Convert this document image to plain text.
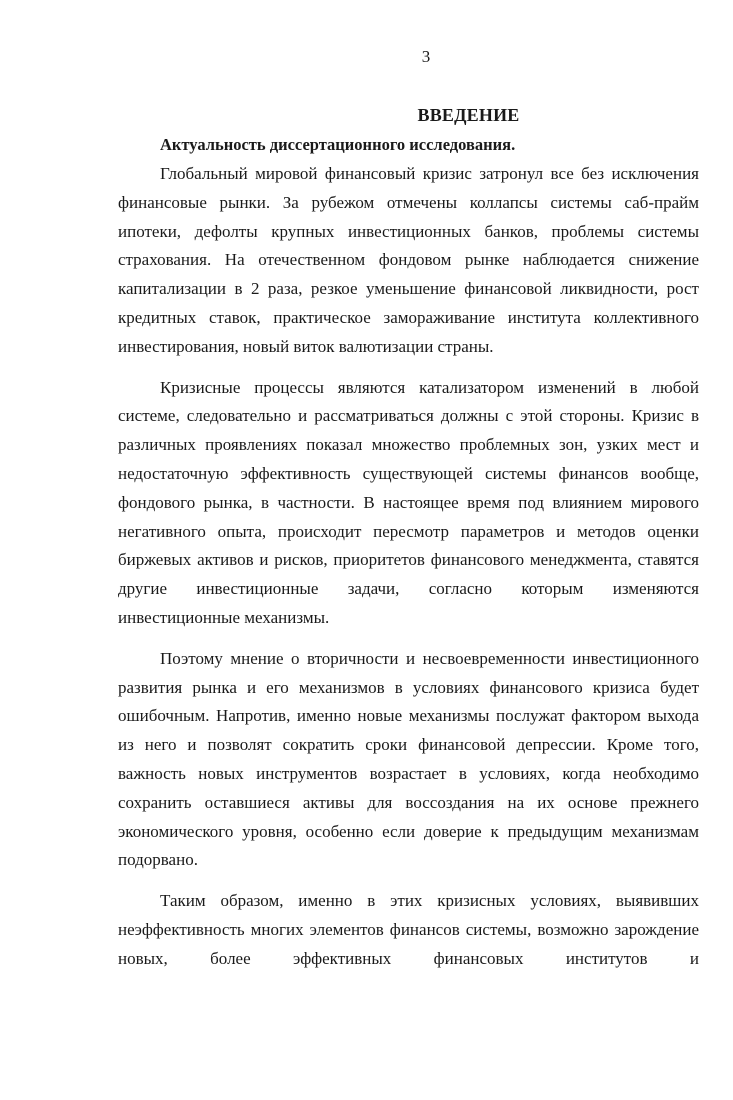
3
ВВЕДЕНИЕ
Актуальность диссертационного исследования.

Глобальный мировой финансовый кризис затронул все без исключения финансовые рынки. За рубежом отмечены коллапсы системы саб-прайм ипотеки, дефолты крупных инвестиционных банков, проблемы системы страхования. На отечественном фондовом рынке наблюдается снижение капитализации в 2 раза, резкое уменьшение финансовой ликвидности, рост кредитных ставок, практическое замораживание института коллективного инвестирования, новый виток валютизации страны.

Кризисные процессы являются катализатором изменений в любой системе, следовательно и рассматриваться должны с этой стороны. Кризис в различных проявлениях показал множество проблемных зон, узких мест и недостаточную эффективность существующей системы финансов вообще, фондового рынка, в частности. В настоящее время под влиянием мирового негативного опыта, происходит пересмотр параметров и методов оценки биржевых активов и рисков, приоритетов финансового менеджмента, ставятся другие инвестиционные задачи, согласно которым изменяются инвестиционные механизмы.

Поэтому мнение о вторичности и несвоевременности инвестиционного развития рынка и его механизмов в условиях финансового кризиса будет ошибочным. Напротив, именно новые механизмы послужат фактором выхода из него и позволят сократить сроки финансовой депрессии. Кроме того, важность новых инструментов возрастает в условиях, когда необходимо сохранить оставшиеся активы для воссоздания на их основе прежнего экономического уровня, особенно если доверие к предыдущим механизмам подорвано.

Таким образом, именно в этих кризисных условиях, выявивших неэффективность многих элементов финансов системы, возможно зарождение новых, более эффективных финансовых институтов и
